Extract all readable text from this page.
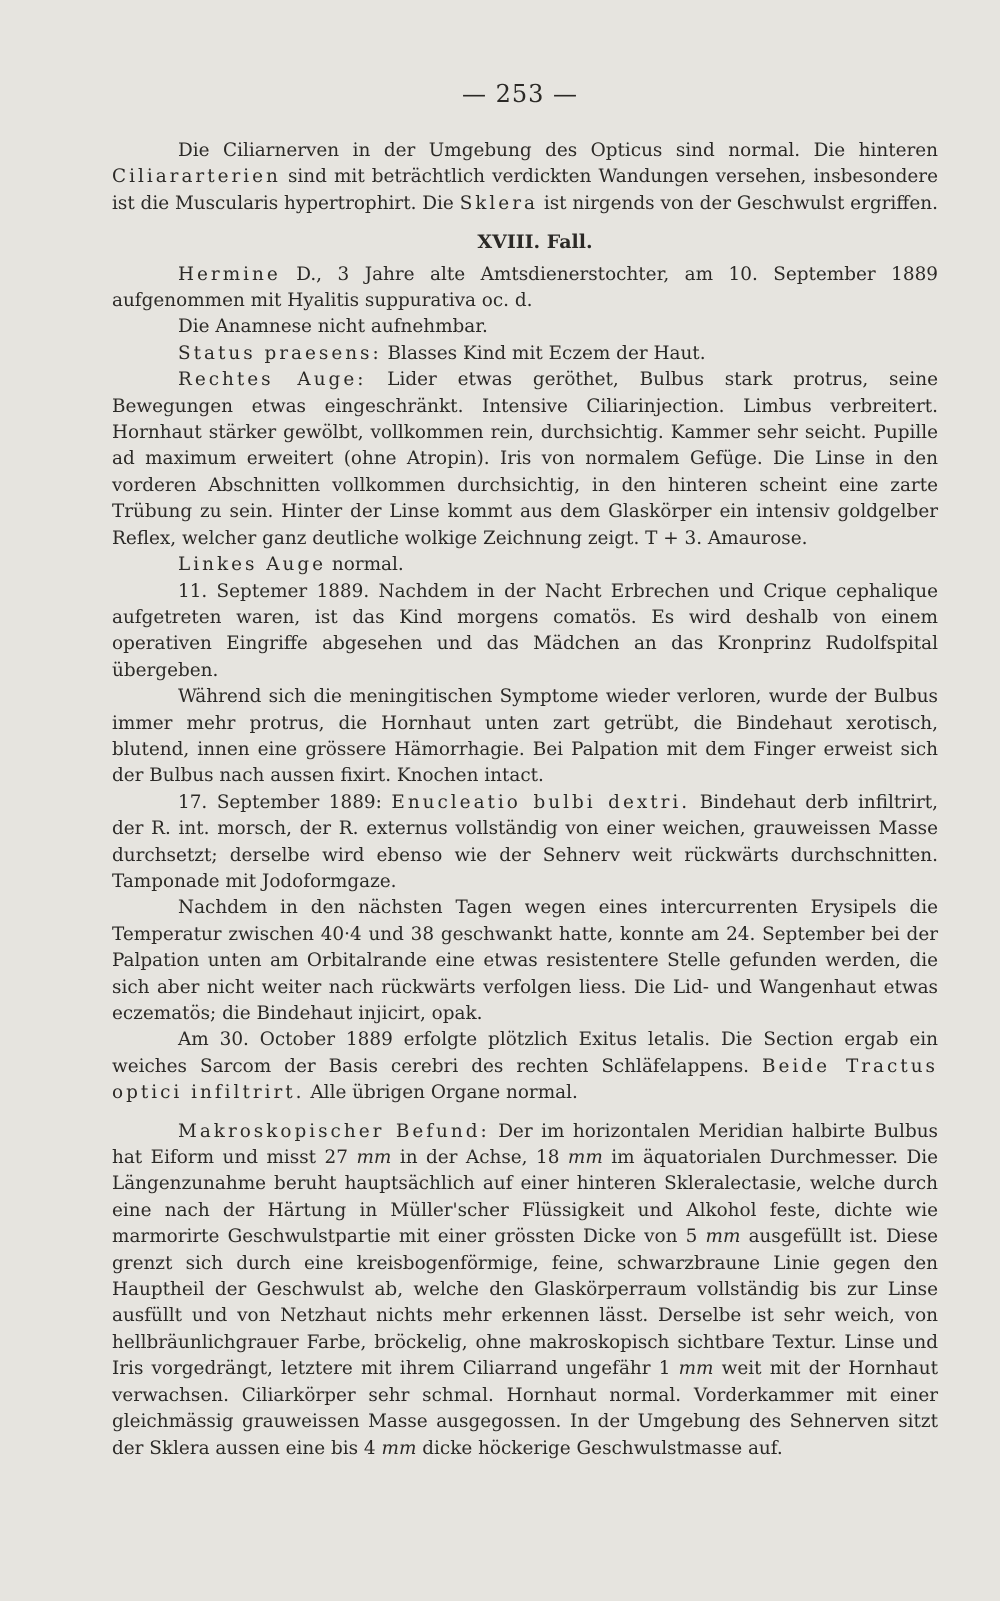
— 253 —

Die Ciliarnerven in der Umgebung des Opticus sind normal. Die hinteren Ciliararterien sind mit beträchtlich verdickten Wandungen versehen, insbesondere ist die Muscularis hypertrophirt. Die Sklera ist nirgends von der Geschwulst ergriffen.

XVIII. Fall.

Hermine D., 3 Jahre alte Amtsdienerstochter, am 10. September 1889 aufgenommen mit Hyalitis suppurativa oc. d.

Die Anamnese nicht aufnehmbar.

Status praesens: Blasses Kind mit Eczem der Haut.

Rechtes Auge: Lider etwas geröthet, Bulbus stark protrus, seine Bewegungen etwas eingeschränkt. Intensive Ciliarinjection. Limbus verbreitert. Hornhaut stärker gewölbt, vollkommen rein, durchsichtig. Kammer sehr seicht. Pupille ad maximum erweitert (ohne Atropin). Iris von normalem Gefüge. Die Linse in den vorderen Abschnitten vollkommen durchsichtig, in den hinteren scheint eine zarte Trübung zu sein. Hinter der Linse kommt aus dem Glaskörper ein intensiv goldgelber Reflex, welcher ganz deutliche wolkige Zeichnung zeigt. T + 3. Amaurose.

Linkes Auge normal.

11. Septemer 1889. Nachdem in der Nacht Erbrechen und Crique cephalique aufgetreten waren, ist das Kind morgens comatös. Es wird deshalb von einem operativen Eingriffe abgesehen und das Mädchen an das Kronprinz Rudolfspital übergeben.

Während sich die meningitischen Symptome wieder verloren, wurde der Bulbus immer mehr protrus, die Hornhaut unten zart getrübt, die Bindehaut xerotisch, blutend, innen eine grössere Hämorrhagie. Bei Palpation mit dem Finger erweist sich der Bulbus nach aussen fixirt. Knochen intact.

17. September 1889: Enucleatio bulbi dextri. Bindehaut derb infiltrirt, der R. int. morsch, der R. externus vollständig von einer weichen, grauweissen Masse durchsetzt; derselbe wird ebenso wie der Sehnerv weit rückwärts durchschnitten. Tamponade mit Jodoformgaze.

Nachdem in den nächsten Tagen wegen eines intercurrenten Erysipels die Temperatur zwischen 40·4 und 38 geschwankt hatte, konnte am 24. September bei der Palpation unten am Orbitalrande eine etwas resistentere Stelle gefunden werden, die sich aber nicht weiter nach rückwärts verfolgen liess. Die Lid- und Wangenhaut etwas eczematös; die Bindehaut injicirt, opak.

Am 30. October 1889 erfolgte plötzlich Exitus letalis. Die Section ergab ein weiches Sarcom der Basis cerebri des rechten Schläfelappens. Beide Tractus optici infiltrirt. Alle übrigen Organe normal.

Makroskopischer Befund: Der im horizontalen Meridian halbirte Bulbus hat Eiform und misst 27 mm in der Achse, 18 mm im äquatorialen Durchmesser. Die Längenzunahme beruht hauptsächlich auf einer hinteren Skleralectasie, welche durch eine nach der Härtung in Müller'scher Flüssigkeit und Alkohol feste, dichte wie marmorirte Geschwulstpartie mit einer grössten Dicke von 5 mm ausgefüllt ist. Diese grenzt sich durch eine kreisbogenförmige, feine, schwarzbraune Linie gegen den Hauptheil der Geschwulst ab, welche den Glaskörperraum vollständig bis zur Linse ausfüllt und von Netzhaut nichts mehr erkennen lässt. Derselbe ist sehr weich, von hellbräunlichgrauer Farbe, bröckelig, ohne makroskopisch sichtbare Textur. Linse und Iris vorgedrängt, letztere mit ihrem Ciliarrand ungefähr 1 mm weit mit der Hornhaut verwachsen. Ciliarkörper sehr schmal. Hornhaut normal. Vorderkammer mit einer gleichmässig grauweissen Masse ausgegossen. In der Umgebung des Sehnerven sitzt der Sklera aussen eine bis 4 mm dicke höckerige Geschwulstmasse auf.
